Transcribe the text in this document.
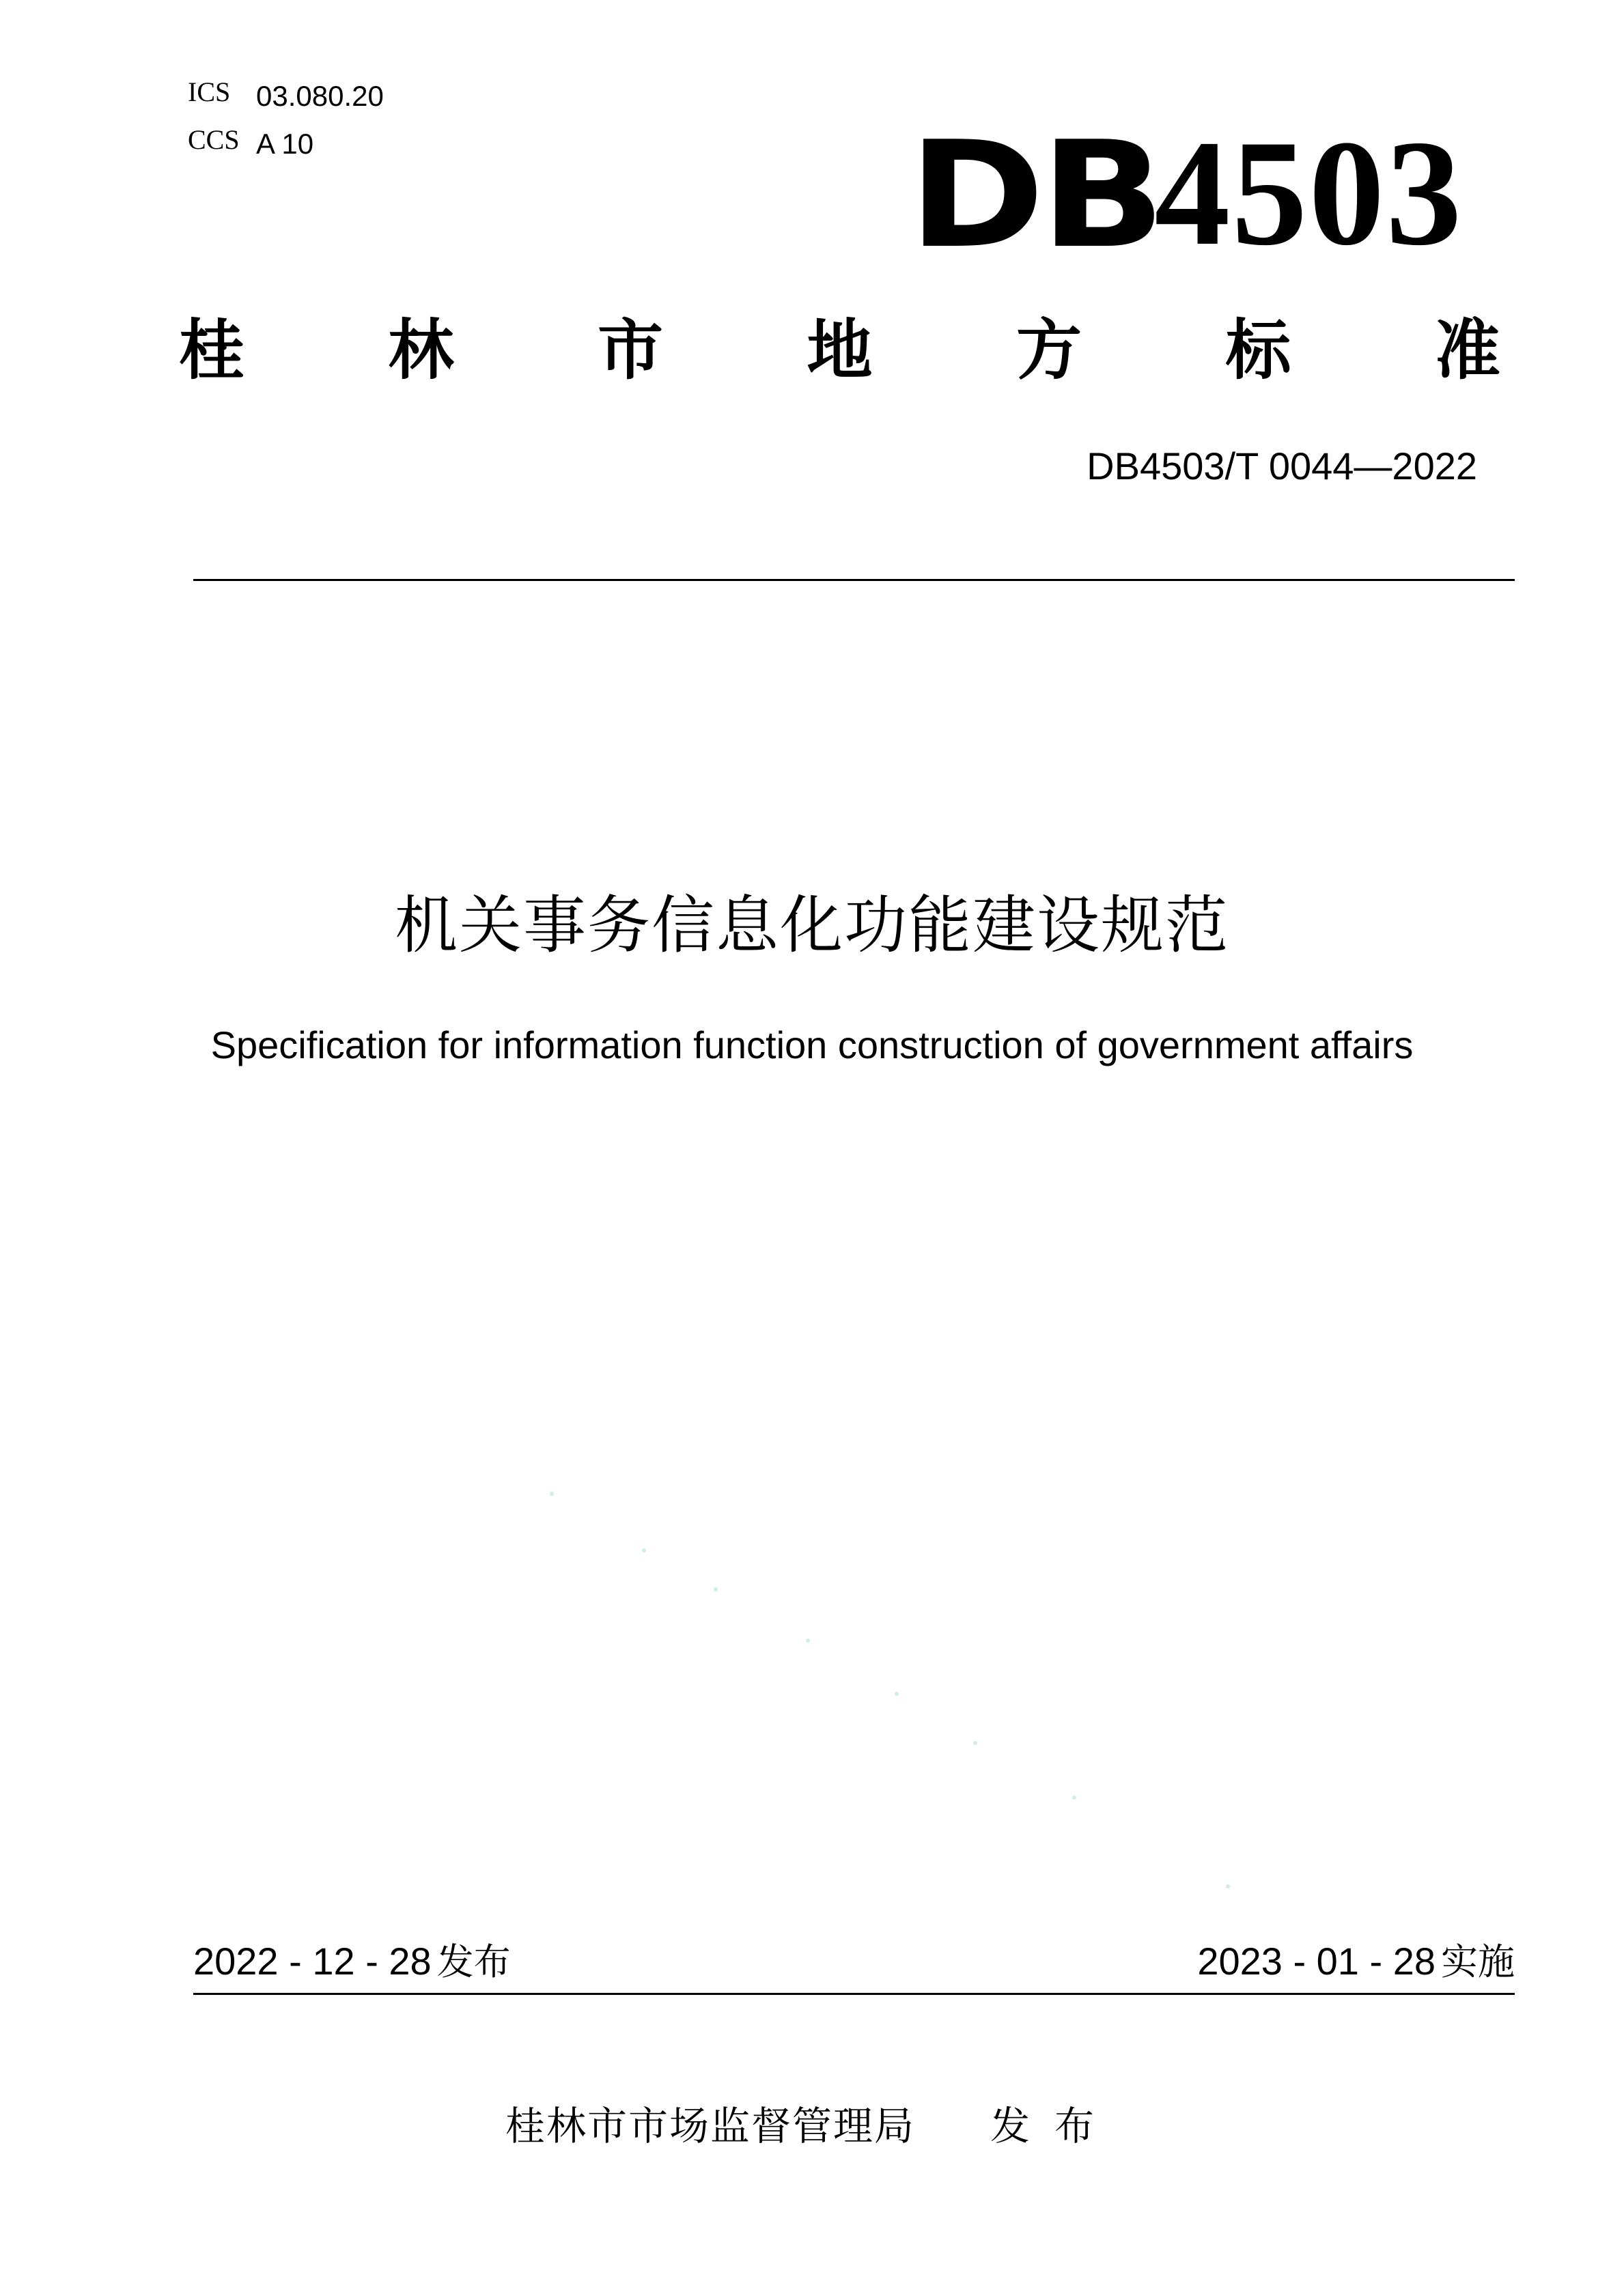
ICS 03.080.20
CCS A 10	DB
4503
桂 林 市 地 方 标 准
DB4503/T 0044—2022
机关事务信息化功能建设规范
Specification for information function construction of government affairs
2022 - 12 - 28 发布	2023 - 01 - 28 实施
桂林市市场监督管理局 发布
